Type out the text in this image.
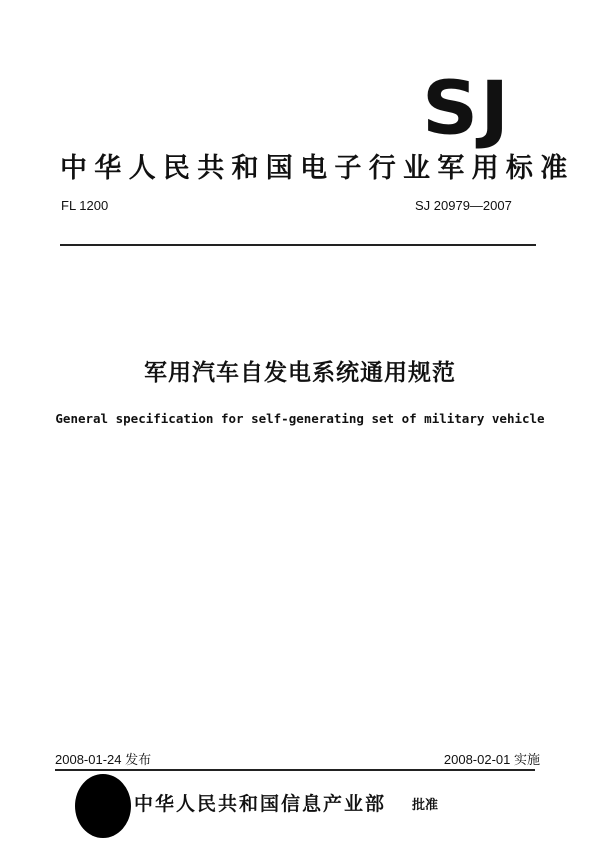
SJ
中华人民共和国电子行业军用标准
FL 1200	SJ 20979—2007
军用汽车自发电系统通用规范
General specification for self-generating set of military vehicle
2008-01-24 发布	2008-02-01 实施
中华人民共和国信息产业部 批准
